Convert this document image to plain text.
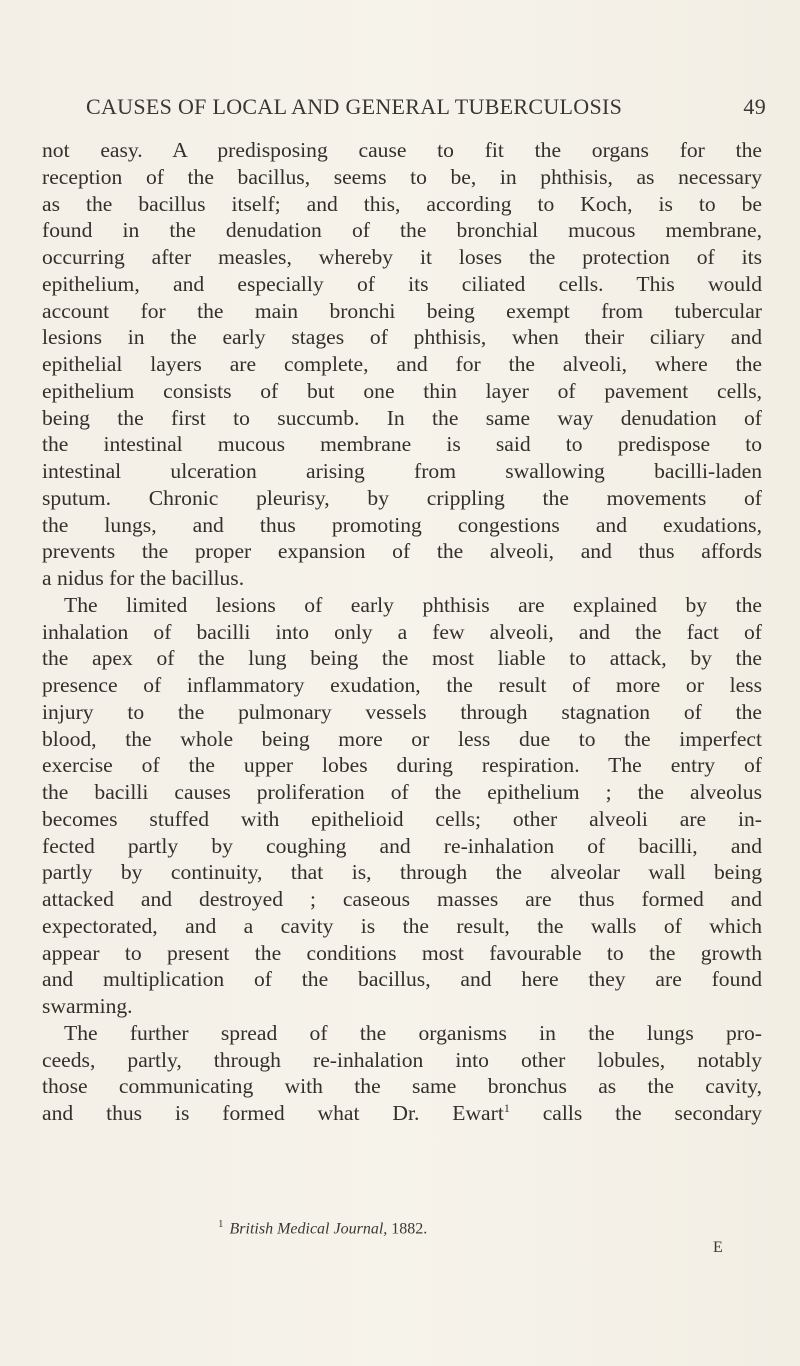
CAUSES OF LOCAL AND GENERAL TUBERCULOSIS	49
not easy. A predisposing cause to fit the organs for the
reception of the bacillus, seems to be, in phthisis, as necessary
as the bacillus itself; and this, according to Koch, is to be
found in the denudation of the bronchial mucous membrane,
occurring after measles, whereby it loses the protection of its
epithelium, and especially of its ciliated cells. This would
account for the main bronchi being exempt from tubercular
lesions in the early stages of phthisis, when their ciliary and
epithelial layers are complete, and for the alveoli, where the
epithelium consists of but one thin layer of pavement cells,
being the first to succumb. In the same way denudation of
the intestinal mucous membrane is said to predispose to
intestinal ulceration arising from swallowing bacilli-laden
sputum. Chronic pleurisy, by crippling the movements of
the lungs, and thus promoting congestions and exudations,
prevents the proper expansion of the alveoli, and thus affords
a nidus for the bacillus.
The limited lesions of early phthisis are explained by the
inhalation of bacilli into only a few alveoli, and the fact of
the apex of the lung being the most liable to attack, by the
presence of inflammatory exudation, the result of more or less
injury to the pulmonary vessels through stagnation of the
blood, the whole being more or less due to the imperfect
exercise of the upper lobes during respiration. The entry of
the bacilli causes proliferation of the epithelium ; the alveolus
becomes stuffed with epithelioid cells; other alveoli are in-
fected partly by coughing and re-inhalation of bacilli, and
partly by continuity, that is, through the alveolar wall being
attacked and destroyed ; caseous masses are thus formed and
expectorated, and a cavity is the result, the walls of which
appear to present the conditions most favourable to the growth
and multiplication of the bacillus, and here they are found
swarming.
The further spread of the organisms in the lungs pro-
ceeds, partly, through re-inhalation into other lobules, notably
those communicating with the same bronchus as the cavity,
and thus is formed what Dr. Ewart$^1$ calls the secondary
$^1$ British Medical Journal, 1882.
E
